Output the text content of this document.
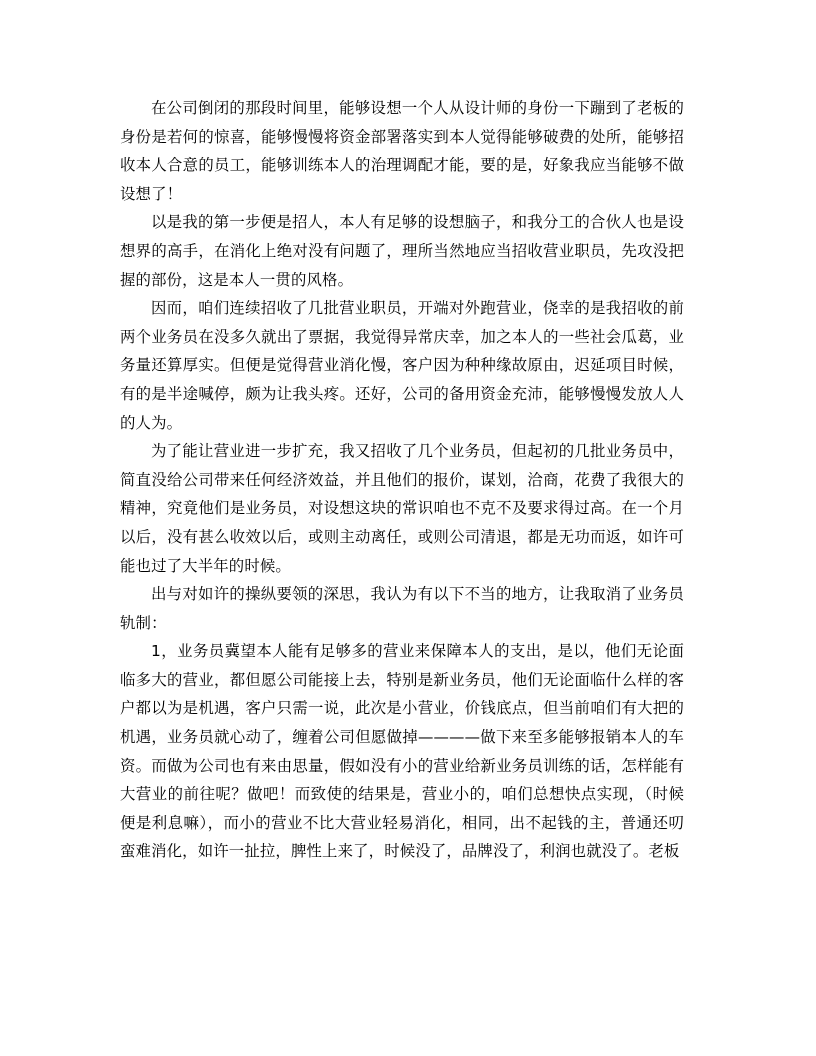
在公司倒闭的那段时间里，能够设想一个人从设计师的身份一下蹦到了老板的身份是若何的惊喜，能够慢慢将资金部署落实到本人觉得能够破费的处所，能够招收本人合意的员工，能够训练本人的治理调配才能，要的是，好象我应当能够不做设想了！

以是我的第一步便是招人，本人有足够的设想脑子，和我分工的合伙人也是设想界的高手，在消化上绝对没有问题了，理所当然地应当招收营业职员，先攻没把握的部份，这是本人一贯的风格。

因而，咱们连续招收了几批营业职员，开端对外跑营业，侥幸的是我招收的前两个业务员在没多久就出了票据，我觉得异常庆幸，加之本人的一些社会瓜葛，业务量还算厚实。但便是觉得营业消化慢，客户因为种种缘故原由，迟延项目时候，有的是半途喊停，颇为让我头疼。还好，公司的备用资金充沛，能够慢慢发放人人的人为。

为了能让营业进一步扩充，我又招收了几个业务员，但起初的几批业务员中，简直没给公司带来任何经济效益，并且他们的报价，谋划，洽商，花费了我很大的精神，究竟他们是业务员，对设想这块的常识咱也不克不及要求得过高。在一个月以后，没有甚么收效以后，或则主动离任，或则公司清退，都是无功而返，如许可能也过了大半年的时候。

出与对如许的操纵要领的深思，我认为有以下不当的地方，让我取消了业务员轨制：

1，业务员冀望本人能有足够多的营业来保障本人的支出，是以，他们无论面临多大的营业，都但愿公司能接上去，特别是新业务员，他们无论面临什么样的客户都以为是机遇，客户只需一说，此次是小营业，价钱底点，但当前咱们有大把的机遇，业务员就心动了，缠着公司但愿做掉————做下来至多能够报销本人的车资。而做为公司也有来由思量，假如没有小的营业给新业务员训练的话，怎样能有大营业的前往呢？做吧！而致使的结果是，营业小的，咱们总想快点实现，（时候便是利息嘛），而小的营业不比大营业轻易消化，相同，出不起钱的主，普通还叨蛮难消化，如许一扯拉，脾性上来了，时候没了，品牌没了，利润也就没了。老板
